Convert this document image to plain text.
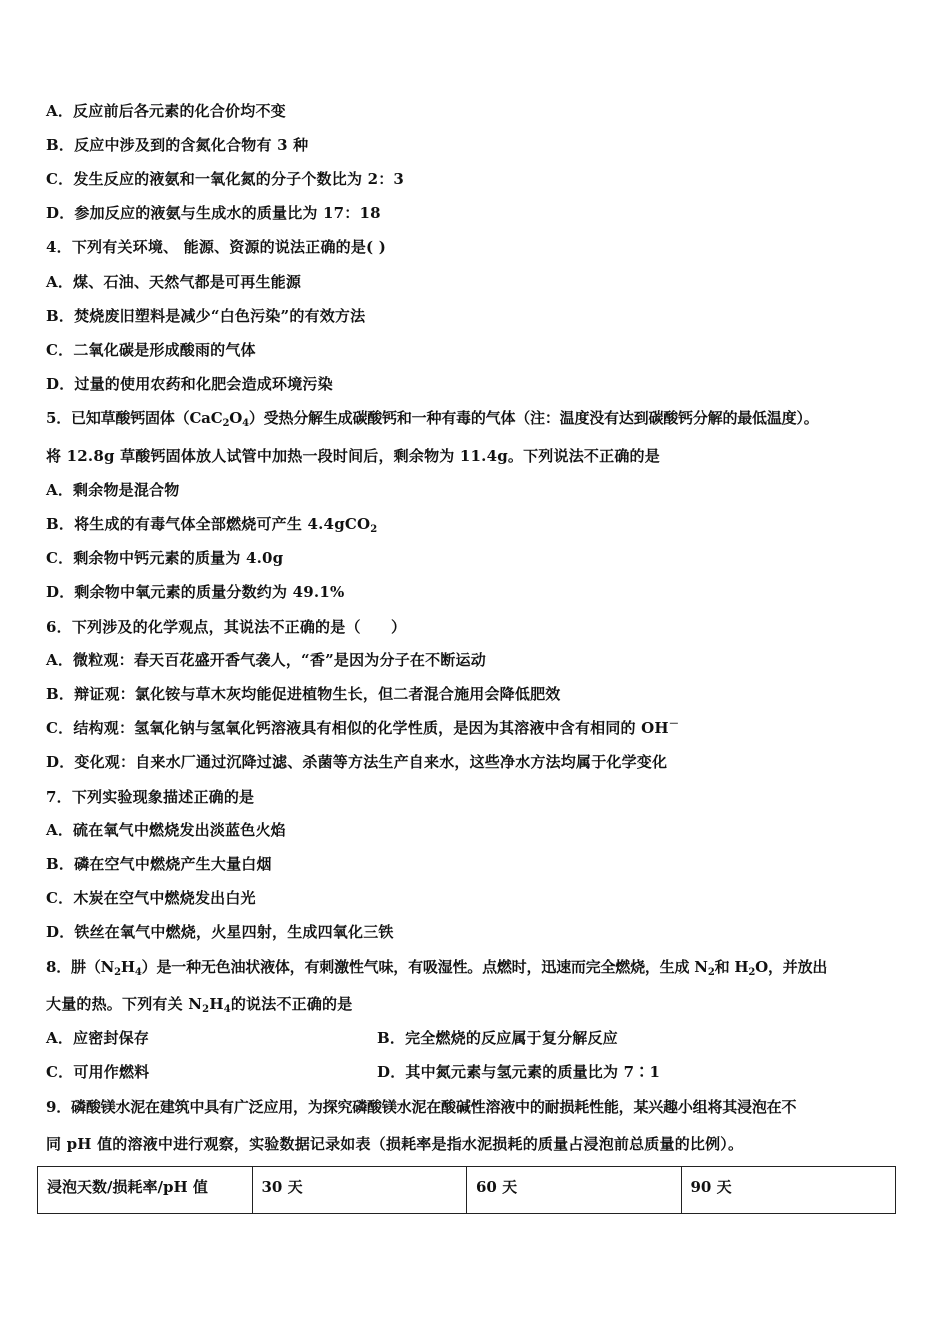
A．反应前后各元素的化合价均不变
B．反应中涉及到的含氮化合物有 3 种
C．发生反应的液氨和一氧化氮的分子个数比为 2：3
D．参加反应的液氨与生成水的质量比为 17：18
4．下列有关环境、 能源、资源的说法正确的是( )
A．煤、石油、天然气都是可再生能源
B．焚烧废旧塑料是减少“白色污染”的有效方法
C．二氧化碳是形成酸雨的气体
D．过量的使用农药和化肥会造成环境污染
5．已知草酸钙固体$(CaC_2O_4)$受热分解生成碳酸钙和一种有毒的气体（注：温度没有达到碳酸钙分解的最低温度）。
将 12.8g 草酸钙固体放人试管中加热一段时间后，剩余物为 11.4g。下列说法不正确的是
A．剩余物是混合物
B．将生成的有毒气体全部燃烧可产生 4.4gCO$_2$
C．剩余物中钙元素的质量为 4.0g
D．剩余物中氧元素的质量分数约为 49.1%
6．下列涉及的化学观点，其说法不正确的是（　　）
A．微粒观：春天百花盛开香气袭人，“香”是因为分子在不断运动
B．辩证观：氯化铵与草木灰均能促进植物生长，但二者混合施用会降低肥效
C．结构观：氢氧化钠与氢氧化钙溶液具有相似的化学性质，是因为其溶液中含有相同的 OH－
D．变化观：自来水厂通过沉降过滤、杀菌等方法生产自来水，这些净水方法均属于化学变化
7．下列实验现象描述正确的是
A．硫在氧气中燃烧发出淡蓝色火焰
B．磷在空气中燃烧产生大量白烟
C．木炭在空气中燃烧发出白光
D．铁丝在氧气中燃烧，火星四射，生成四氧化三铁
8．肼$(N_2H_4)$是一种无色油状液体，有刺激性气味，有吸湿性。点燃时，迅速而完全燃烧，生成 $N_2$和 $H_2O$，并放出
大量的热。下列有关 $N_2H_4$的说法不正确的是
A．应密封保存	B．完全燃烧的反应属于复分解反应
C．可用作燃料	D．其中氮元素与氢元素的质量比为 7∶1
9．磷酸镁水泥在建筑中具有广泛应用，为探究磷酸镁水泥在酸碱性溶液中的耐损耗性能，某兴趣小组将其浸泡在不
同 pH 值的溶液中进行观察，实验数据记录如表（损耗率是指水泥损耗的质量占浸泡前总质量的比例）。
浸泡天数/损耗率/pH 值	30 天	60 天	90 天
